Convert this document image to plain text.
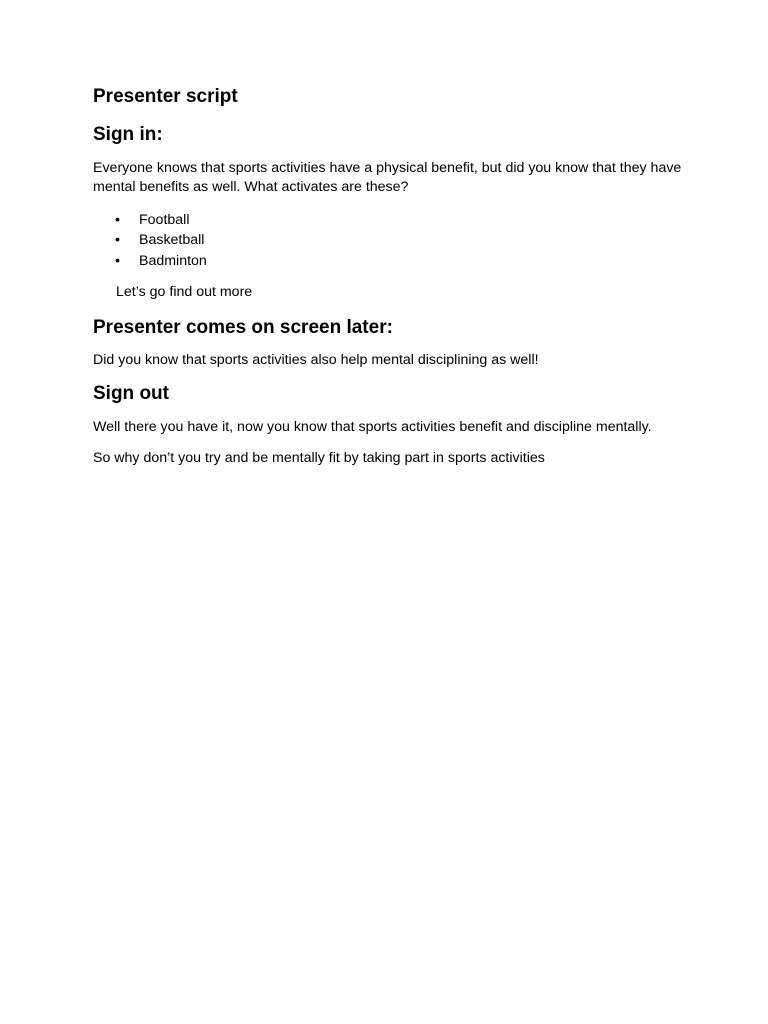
Presenter script
Sign in:

Everyone knows that sports activities have a physical benefit, but did you know that they have mental benefits as well. What activates are these?

• Football
• Basketball
• Badminton

Let’s go find out more

Presenter comes on screen later:

Did you know that sports activities also help mental disciplining as well!

Sign out

Well there you have it, now you know that sports activities benefit and discipline mentally.

So why don’t you try and be mentally fit by taking part in sports activities
